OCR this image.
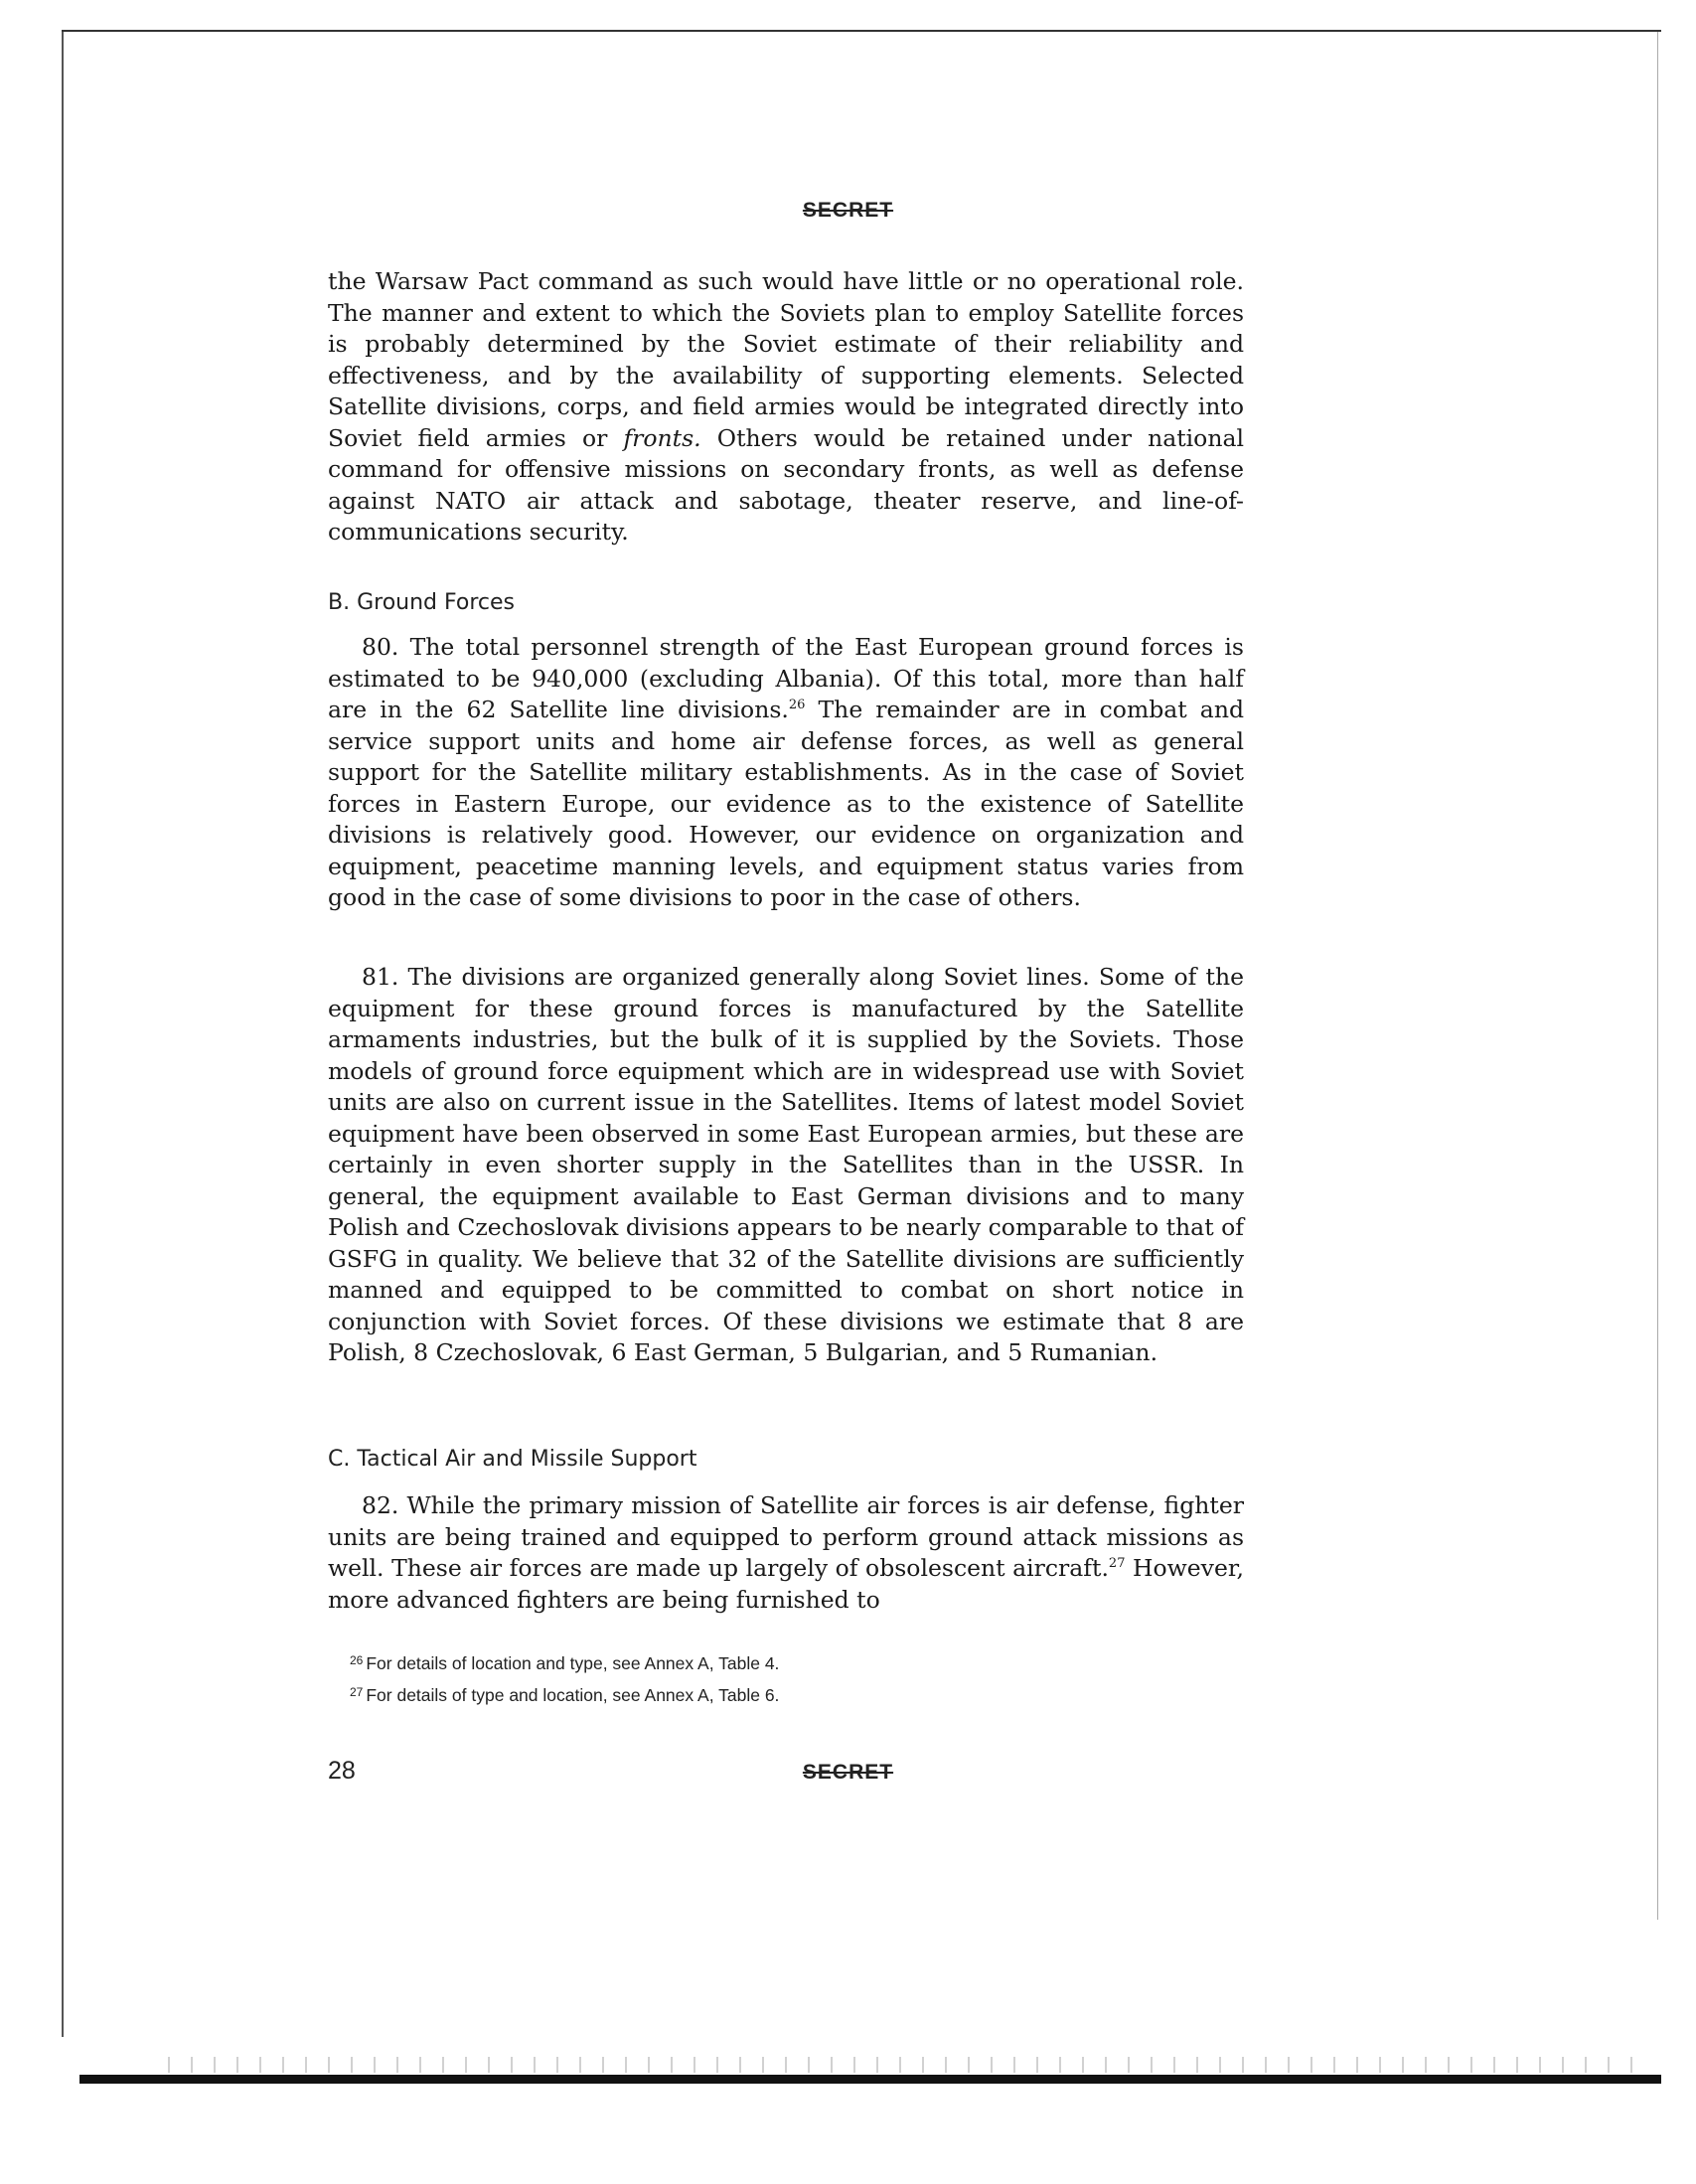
SECRET

the Warsaw Pact command as such would have little or no operational role. The manner and extent to which the Soviets plan to employ Satellite forces is probably determined by the Soviet estimate of their reliability and effectiveness, and by the availability of supporting elements. Selected Satellite divisions, corps, and field armies would be integrated directly into Soviet field armies or fronts. Others would be retained under national command for offensive missions on secondary fronts, as well as defense against NATO air attack and sabotage, theater reserve, and line-of-communications security.

B. Ground Forces

80. The total personnel strength of the East European ground forces is estimated to be 940,000 (excluding Albania). Of this total, more than half are in the 62 Satellite line divisions.$^{26}$ The remainder are in combat and service support units and home air defense forces, as well as general support for the Satellite military establishments. As in the case of Soviet forces in Eastern Europe, our evidence as to the existence of Satellite divisions is relatively good. However, our evidence on organization and equipment, peacetime manning levels, and equipment status varies from good in the case of some divisions to poor in the case of others.

81. The divisions are organized generally along Soviet lines. Some of the equipment for these ground forces is manufactured by the Satellite armaments industries, but the bulk of it is supplied by the Soviets. Those models of ground force equipment which are in widespread use with Soviet units are also on current issue in the Satellites. Items of latest model Soviet equipment have been observed in some East European armies, but these are certainly in even shorter supply in the Satellites than in the USSR. In general, the equipment available to East German divisions and to many Polish and Czechoslovak divisions appears to be nearly comparable to that of GSFG in quality. We believe that 32 of the Satellite divisions are sufficiently manned and equipped to be committed to combat on short notice in conjunction with Soviet forces. Of these divisions we estimate that 8 are Polish, 8 Czechoslovak, 6 East German, 5 Bulgarian, and 5 Rumanian.

C. Tactical Air and Missile Support

82. While the primary mission of Satellite air forces is air defense, fighter units are being trained and equipped to perform ground attack missions as well. These air forces are made up largely of obsolescent aircraft.$^{27}$ However, more advanced fighters are being furnished to

$^{26}$ For details of location and type, see Annex A, Table 4.

$^{27}$ For details of type and location, see Annex A, Table 6.

28	SECRET
